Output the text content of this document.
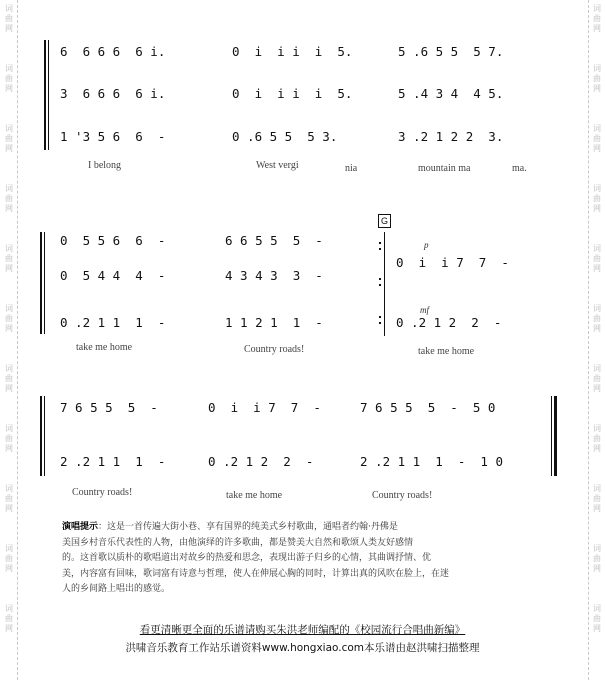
词
曲
网
词
曲
网
词
曲
网
词
曲
网
词
曲
网
词
曲
网
词
曲
网
词
曲
网
词
曲
网
词
曲
网
词
曲
网
词
曲
网
词
曲
网
词
曲
网
词
曲
网
词
曲
网
词
曲
网
词
曲
网
词
曲
网
词
曲
网
词
曲
网
词
曲
网

6  6 6 6  6 i.

	0  i  i i  i  5.

	5 .6 5 5  5 7.

3  6 6 6  6 i.

	0  i  i i  i  5.

	5 .4 3 4  4 5.

1 '3 5 6  6  -

	0 .6 5 5  5 3.

	3 .2 1 2 2  3.

I belong	West vergi	nia	mountain ma	ma.
G
p
mf

0  5 5 6  6  -

	6 6 5 5  5  -

0  i  i 7  7  -

0  5 4 4  4  -

	4 3 4 3  3  -

0 .2 1 1  1  -

	1 1 2 1  1  -

	0 .2 1 2  2  -

take me home	Country roads!	take me home

7 6 5 5  5  -

	0  i  i 7  7  -

	7 6 5 5  5  -  5 0

2 .2 1 1  1  -

	0 .2 1 2  2  -

	2 .2 1 1  1  -  1 0

Country roads!	take me home	Country roads!
演唱提示：这是一首传遍大街小巷、享有国界的纯美式乡村歌曲，通唱者约翰·丹佛是
美国乡村音乐代表性的人物，由他演绎的许多歌曲，都是赞美大自然和歌颂人类友好感情
的。这首歌以质朴的歌唱道出对故乡的热爱和思念，表现出游子归乡的心情，其曲调抒情、优
美，内容富有回味，歌词富有诗意与哲理，使人在伸展心胸的同时，计算出真的风吹在脸上，在迷
人的乡间路上唱出的感觉。
看更清晰更全面的乐谱请购买朱洪老师编配的《校园流行合唱曲新编》
洪啸音乐教育工作站乐谱资料www.hongxiao.com本乐谱由赵洪啸扫描整理
